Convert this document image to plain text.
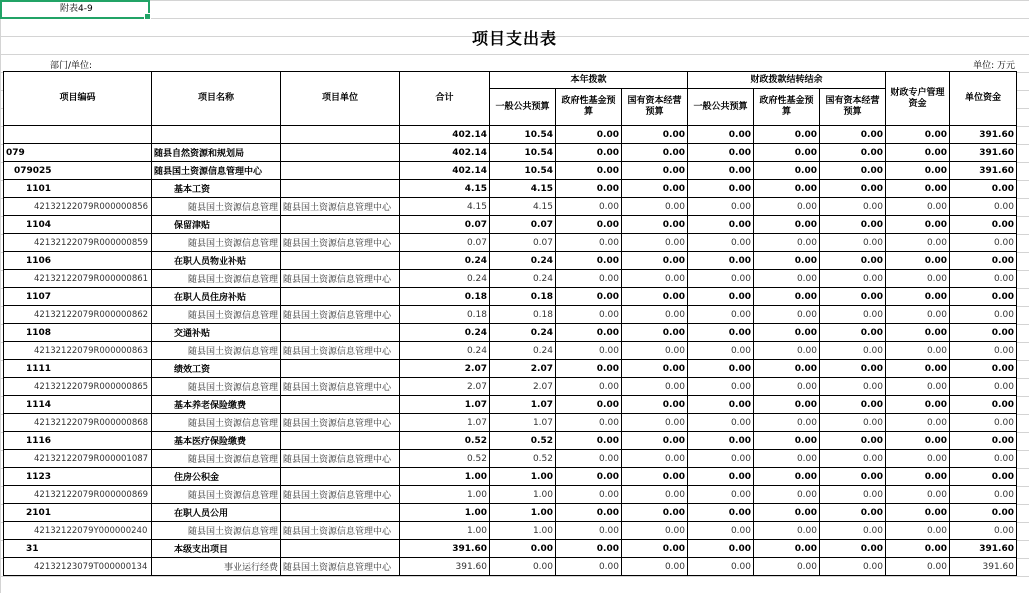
附表4-9
项目支出表
部门/单位:	单位: 万元
项目编码	项目名称	项目单位	合计	本年拨款			财政拨款结转结余			财政专户管理资金	单位资金
				一般公共预算	政府性基金预算	国有资本经营预算	一般公共预算	政府性基金预算	国有资本经营预算		
			402.14	10.54	0.00	0.00	0.00	0.00	0.00	0.00	391.60
079	随县自然资源和规划局		402.14	10.54	0.00	0.00	0.00	0.00	0.00	0.00	391.60
079025	随县国土资源信息管理中心		402.14	10.54	0.00	0.00	0.00	0.00	0.00	0.00	391.60
1101	基本工资		4.15	4.15	0.00	0.00	0.00	0.00	0.00	0.00	0.00
42132122079R000000856	随县国土资源信息管理	随县国土资源信息管理中心	4.15	4.15	0.00	0.00	0.00	0.00	0.00	0.00	0.00
1104	保留津贴		0.07	0.07	0.00	0.00	0.00	0.00	0.00	0.00	0.00
42132122079R000000859	随县国土资源信息管理	随县国土资源信息管理中心	0.07	0.07	0.00	0.00	0.00	0.00	0.00	0.00	0.00
1106	在职人员物业补贴		0.24	0.24	0.00	0.00	0.00	0.00	0.00	0.00	0.00
42132122079R000000861	随县国土资源信息管理	随县国土资源信息管理中心	0.24	0.24	0.00	0.00	0.00	0.00	0.00	0.00	0.00
1107	在职人员住房补贴		0.18	0.18	0.00	0.00	0.00	0.00	0.00	0.00	0.00
42132122079R000000862	随县国土资源信息管理	随县国土资源信息管理中心	0.18	0.18	0.00	0.00	0.00	0.00	0.00	0.00	0.00
1108	交通补贴		0.24	0.24	0.00	0.00	0.00	0.00	0.00	0.00	0.00
42132122079R000000863	随县国土资源信息管理	随县国土资源信息管理中心	0.24	0.24	0.00	0.00	0.00	0.00	0.00	0.00	0.00
1111	绩效工资		2.07	2.07	0.00	0.00	0.00	0.00	0.00	0.00	0.00
42132122079R000000865	随县国土资源信息管理	随县国土资源信息管理中心	2.07	2.07	0.00	0.00	0.00	0.00	0.00	0.00	0.00
1114	基本养老保险缴费		1.07	1.07	0.00	0.00	0.00	0.00	0.00	0.00	0.00
42132122079R000000868	随县国土资源信息管理	随县国土资源信息管理中心	1.07	1.07	0.00	0.00	0.00	0.00	0.00	0.00	0.00
1116	基本医疗保险缴费		0.52	0.52	0.00	0.00	0.00	0.00	0.00	0.00	0.00
42132122079R000001087	随县国土资源信息管理	随县国土资源信息管理中心	0.52	0.52	0.00	0.00	0.00	0.00	0.00	0.00	0.00
1123	住房公积金		1.00	1.00	0.00	0.00	0.00	0.00	0.00	0.00	0.00
42132122079R000000869	随县国土资源信息管理	随县国土资源信息管理中心	1.00	1.00	0.00	0.00	0.00	0.00	0.00	0.00	0.00
2101	在职人员公用		1.00	1.00	0.00	0.00	0.00	0.00	0.00	0.00	0.00
42132122079Y000000240	随县国土资源信息管理	随县国土资源信息管理中心	1.00	1.00	0.00	0.00	0.00	0.00	0.00	0.00	0.00
31	本级支出项目		391.60	0.00	0.00	0.00	0.00	0.00	0.00	0.00	391.60
42132123079T000000134	事业运行经费	随县国土资源信息管理中心	391.60	0.00	0.00	0.00	0.00	0.00	0.00	0.00	391.60
